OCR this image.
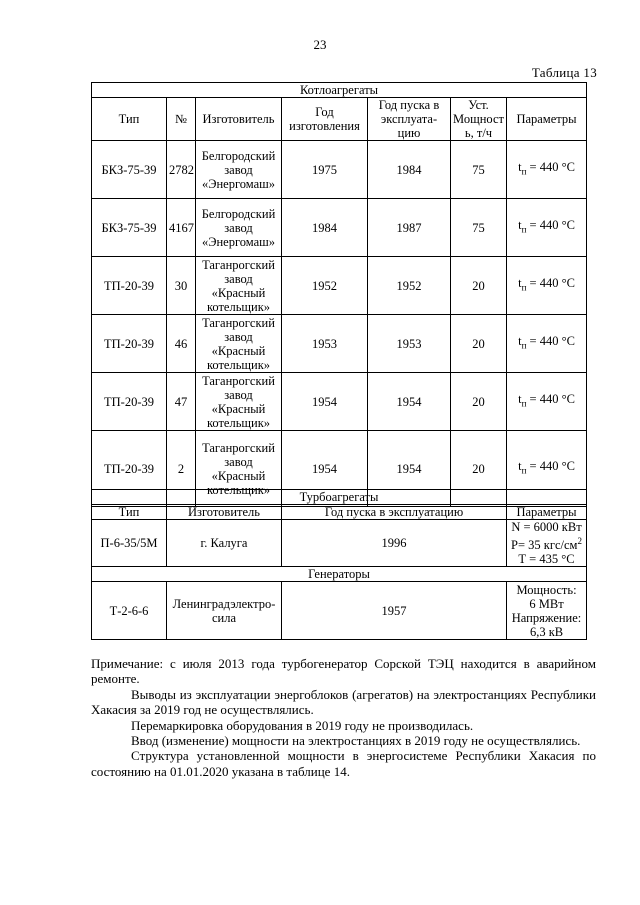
23
Таблица 13
Котлоагрегаты						
Тип	№	Изготовитель	Год изготовления	Год пуска в эксплуата-цию	Уст. Мощност ь, т/ч	Параметры
БКЗ-75-39	2782	Белгородский завод «Энергомаш»	1975	1984	75	$t_п = 440$ °С
БКЗ-75-39	4167	Белгородский завод «Энергомаш»	1984	1987	75	$t_п = 440$ °С
ТП-20-39	30	Таганрогский завод «Красный котельщик»	1952	1952	20	$t_п = 440$ °С
ТП-20-39	46	Таганрогский завод «Красный котельщик»	1953	1953	20	$t_п = 440$ °С
ТП-20-39	47	Таганрогский завод «Красный котельщик»	1954	1954	20	$t_п = 440$ °С
ТП-20-39	2	Таганрогский завод «Красный котельщик»	1954	1954	20	$t_п = 440$ °С
Турбоагрегаты			
Тип	Изготовитель	Год пуска в эксплуатацию	Параметры
П-6-35/5М	г. Калуга	1996	N = 6000 кВт
Р= 35 кгс/$см^2$
Т = 435 °С
Генераторы
Т-2-6-6	Ленинградэлектро-сила	1957	
Мощность:
6 МВт
Напряжение:
6,3 кВ

Примечание: с июля 2013 года турбогенератор Сорской ТЭЦ находится в аварийном ремонте.

Выводы из эксплуатации энергоблоков (агрегатов) на электростанциях Республики Хакасия за 2019 год не осуществлялись.

Перемаркировка оборудования в 2019 году не производилась.

Ввод (изменение) мощности на электростанциях в 2019 году не осуществлялись.

Структура установленной мощности в энергосистеме Республики Хакасия по состоянию на 01.01.2020 указана в таблице 14.
